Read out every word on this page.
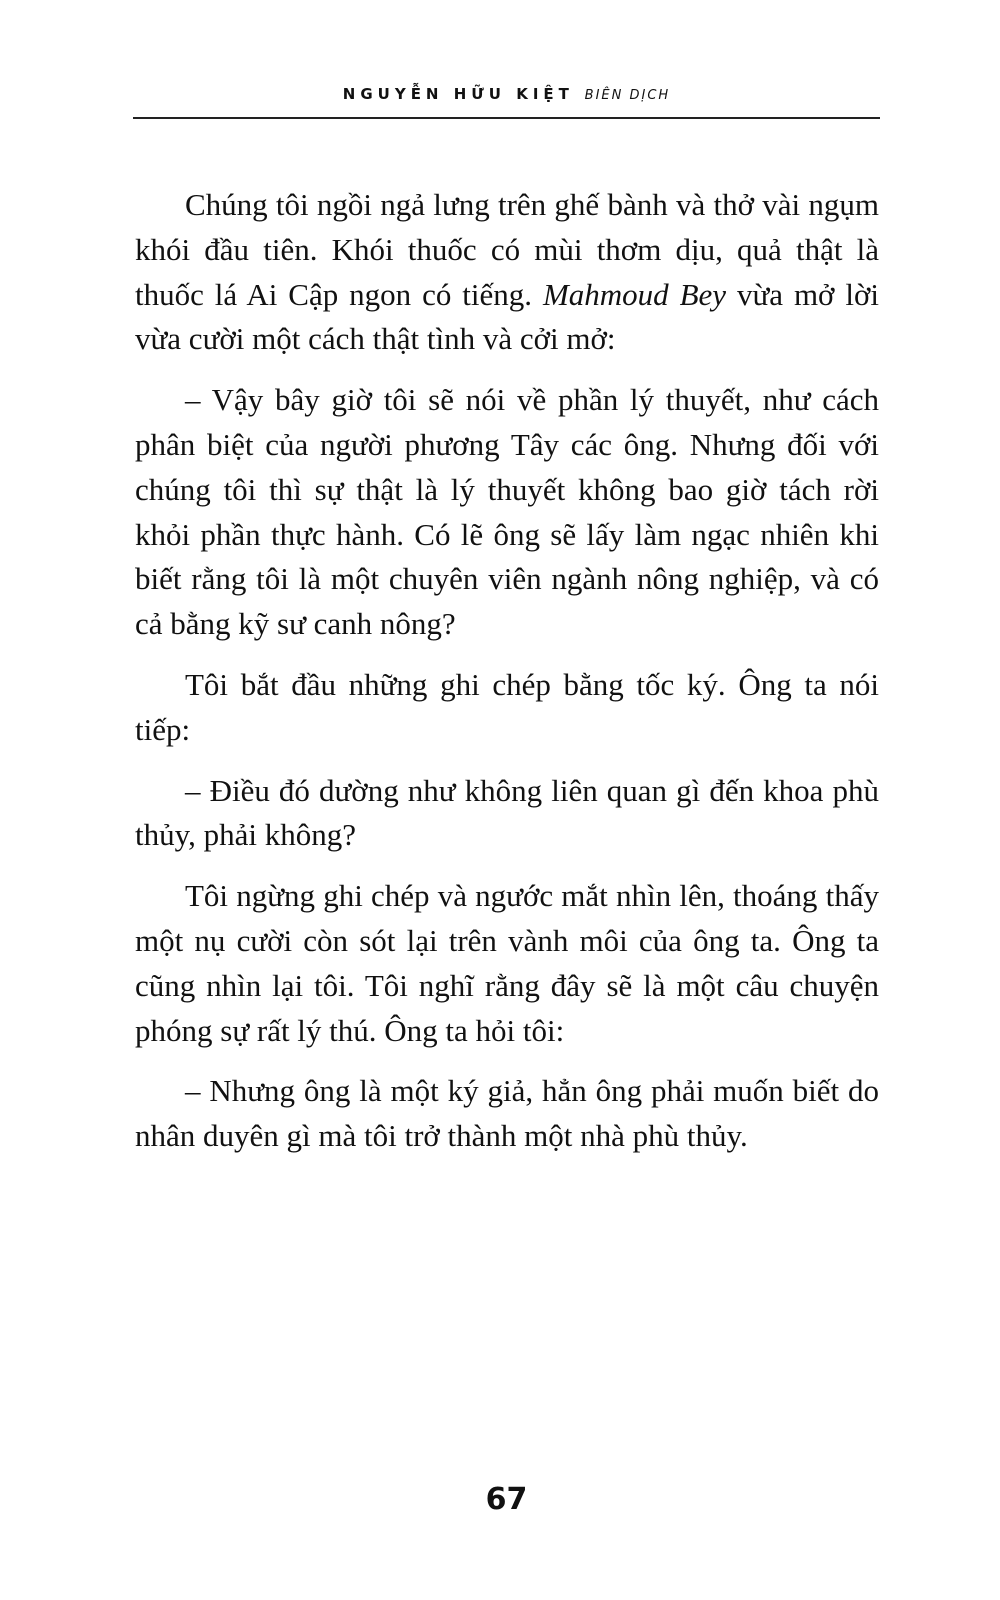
NGUYỄN HỮU KIỆT BIÊN DỊCH

Chúng tôi ngồi ngả lưng trên ghế bành và thở vài ngụm khói đầu tiên. Khói thuốc có mùi thơm dịu, quả thật là thuốc lá Ai Cập ngon có tiếng. Mahmoud Bey vừa mở lời vừa cười một cách thật tình và cởi mở:

– Vậy bây giờ tôi sẽ nói về phần lý thuyết, như cách phân biệt của người phương Tây các ông. Nhưng đối với chúng tôi thì sự thật là lý thuyết không bao giờ tách rời khỏi phần thực hành. Có lẽ ông sẽ lấy làm ngạc nhiên khi biết rằng tôi là một chuyên viên ngành nông nghiệp, và có cả bằng kỹ sư canh nông?

Tôi bắt đầu những ghi chép bằng tốc ký. Ông ta nói tiếp:

– Điều đó dường như không liên quan gì đến khoa phù thủy, phải không?

Tôi ngừng ghi chép và ngước mắt nhìn lên, thoáng thấy một nụ cười còn sót lại trên vành môi của ông ta. Ông ta cũng nhìn lại tôi. Tôi nghĩ rằng đây sẽ là một câu chuyện phóng sự rất lý thú. Ông ta hỏi tôi:

– Nhưng ông là một ký giả, hẳn ông phải muốn biết do nhân duyên gì mà tôi trở thành một nhà phù thủy.

67
